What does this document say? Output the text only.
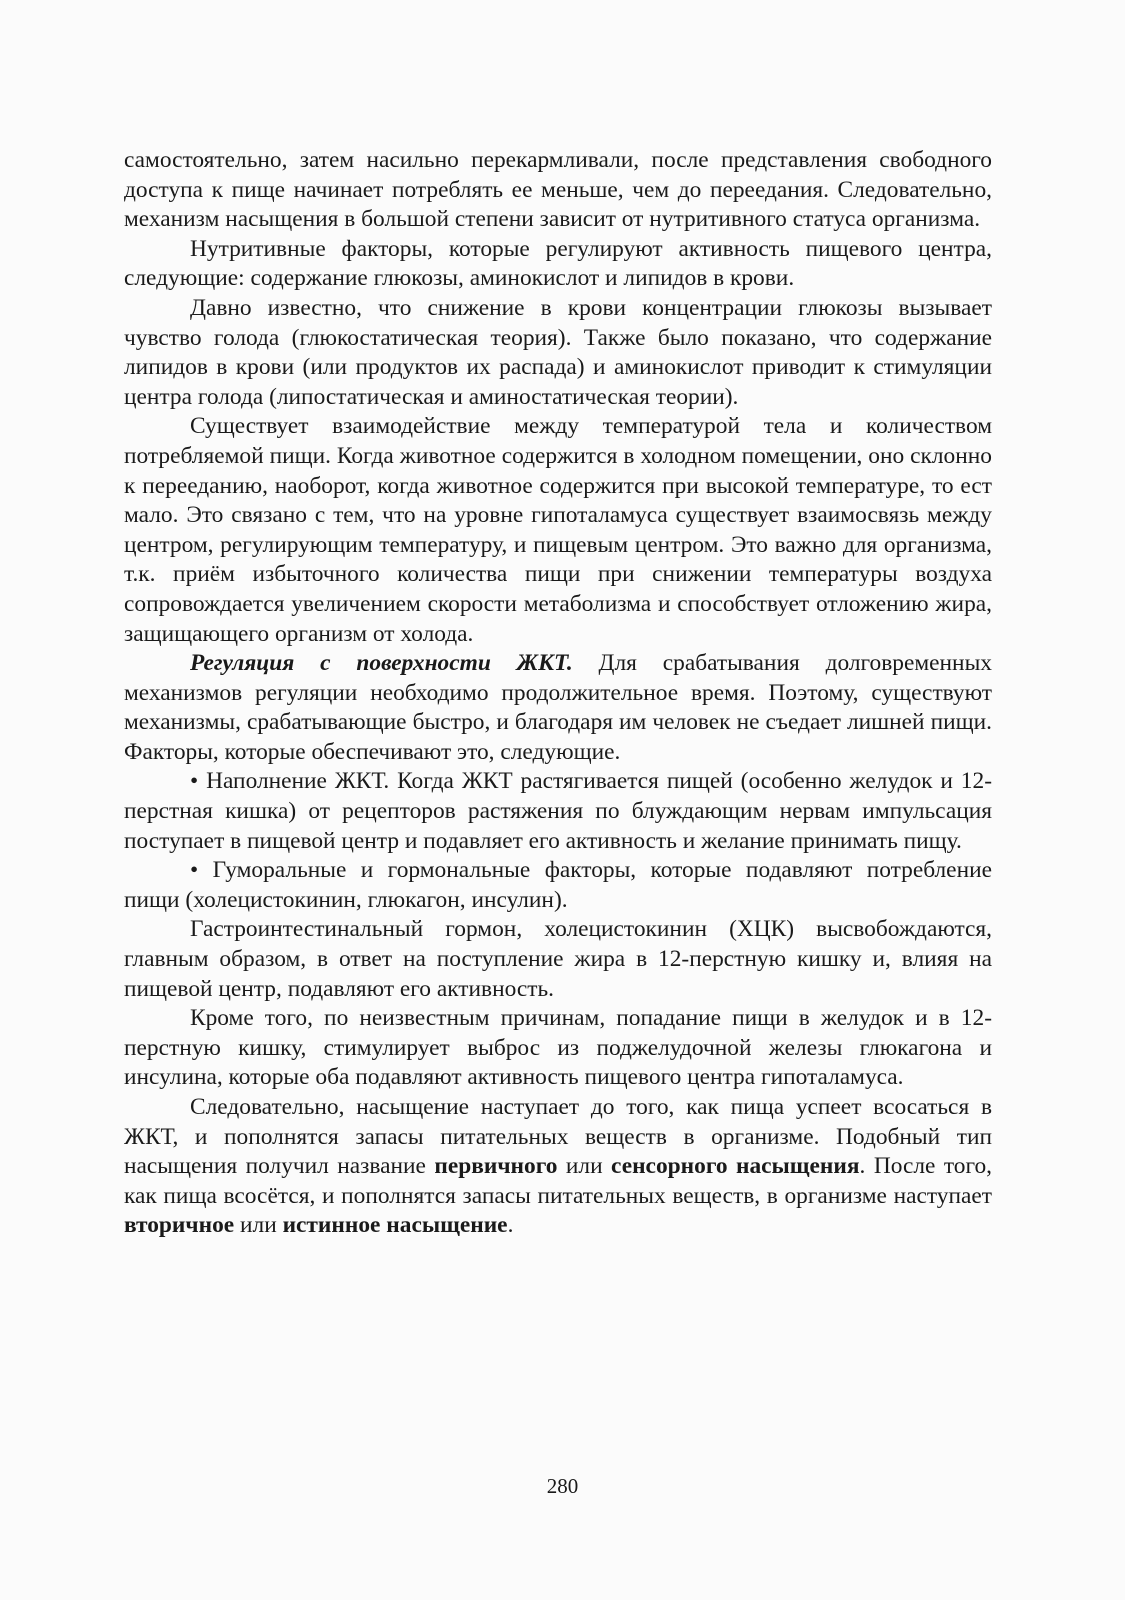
самостоятельно, затем насильно перекармливали, после представления свободного доступа к пище начинает потреблять ее меньше, чем до переедания. Следовательно, механизм насыщения в большой степени зависит от нутритивного статуса организма.

Нутритивные факторы, которые регулируют активность пищевого центра, следующие: содержание глюкозы, аминокислот и липидов в крови.

Давно известно, что снижение в крови концентрации глюкозы вызывает чувство голода (глюкостатическая теория). Также было показано, что содержание липидов в крови (или продуктов их распада) и аминокислот приводит к стимуляции центра голода (липостатическая и аминостатическая теории).

Существует взаимодействие между температурой тела и количеством потребляемой пищи. Когда животное содержится в холодном помещении, оно склонно к перееданию, наоборот, когда животное содержится при высокой температуре, то ест мало. Это связано с тем, что на уровне гипоталамуса существует взаимосвязь между центром, регулирующим температуру, и пищевым центром. Это важно для организма, т.к. приём избыточного количества пищи при снижении температуры воздуха сопровождается увеличением скорости метаболизма и способствует отложению жира, защищающего организм от холода.

Регуляция с поверхности ЖКТ. Для срабатывания долговременных механизмов регуляции необходимо продолжительное время. Поэтому, существуют механизмы, срабатывающие быстро, и благодаря им человек не съедает лишней пищи. Факторы, которые обеспечивают это, следующие.

• Наполнение ЖКТ. Когда ЖКТ растягивается пищей (особенно желудок и 12-перстная кишка) от рецепторов растяжения по блуждающим нервам импульсация поступает в пищевой центр и подавляет его активность и желание принимать пищу.

• Гуморальные и гормональные факторы, которые подавляют потребление пищи (холецистокинин, глюкагон, инсулин).

Гастроинтестинальный гормон, холецистокинин (ХЦК) высвобождаются, главным образом, в ответ на поступление жира в 12-перстную кишку и, влияя на пищевой центр, подавляют его активность.

Кроме того, по неизвестным причинам, попадание пищи в желудок и в 12-перстную кишку, стимулирует выброс из поджелудочной железы глюкагона и инсулина, которые оба подавляют активность пищевого центра гипоталамуса.

Следовательно, насыщение наступает до того, как пища успеет всосаться в ЖКТ, и пополнятся запасы питательных веществ в организме. Подобный тип насыщения получил название первичного или сенсорного насыщения. После того, как пища всосётся, и пополнятся запасы питательных веществ, в организме наступает вторичное или истинное насыщение.

280
